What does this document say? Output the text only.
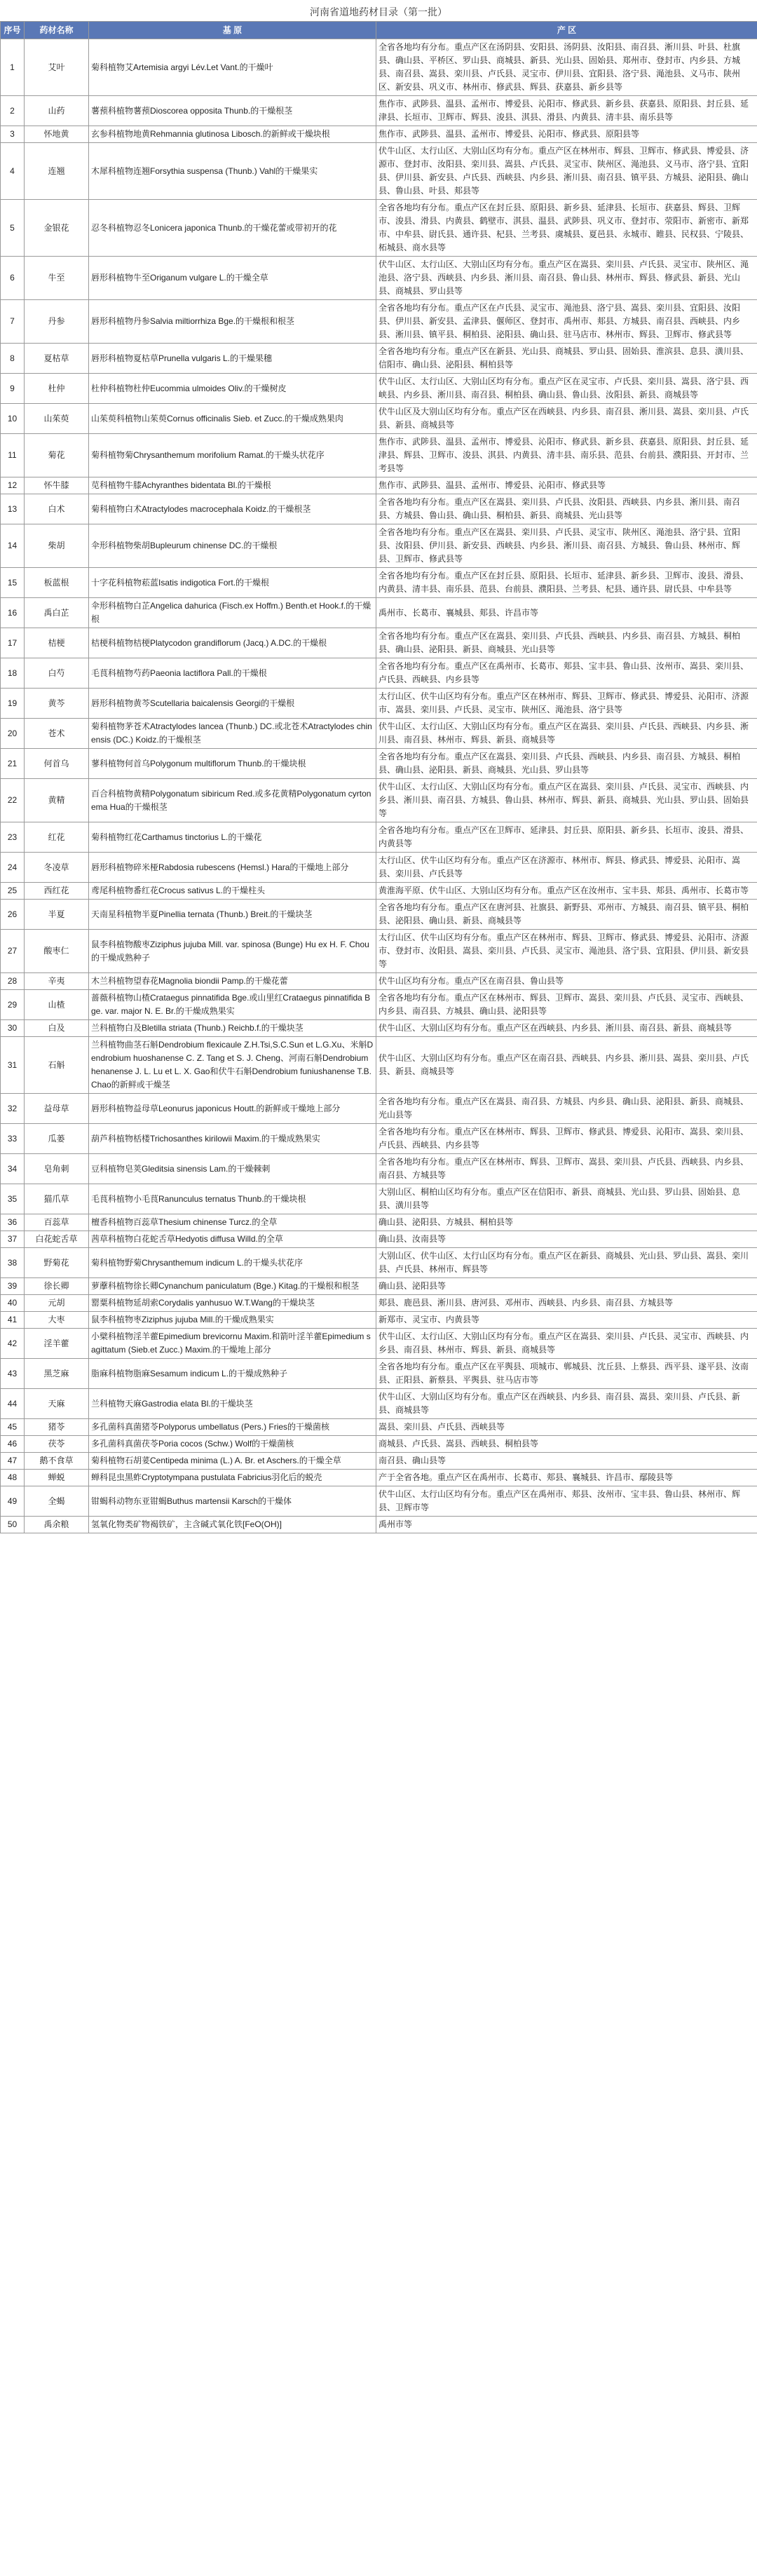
河南省道地药材目录（第一批）
序号	药材名称	基 原	产 区
1	艾叶	菊科植物艾Artemisia argyi Lév.Let Vant.的干燥叶	全省各地均有分布。重点产区在汤阴县、安阳县、汤阴县、汝阳县、南召县、淅川县、叶县、杜旗县、确山县、平桥区、罗山县、商城县、新县、光山县、固始县、郑州市、登封市、内乡县、方城县、南召县、嵩县、栾川县、卢氏县、灵宝市、伊川县、宜阳县、洛宁县、渑池县、义马市、陕州区、新安县、巩义市、林州市、修武县、辉县、获嘉县、新乡县等
2	山药	薯蓣科植物薯蓣Dioscorea opposita Thunb.的干燥根茎	焦作市、武陟县、温县、孟州市、博爱县、沁阳市、修武县、新乡县、获嘉县、原阳县、封丘县、延津县、长垣市、卫辉市、辉县、浚县、淇县、滑县、内黄县、清丰县、南乐县等
3	怀地黄	玄参科植物地黄Rehmannia glutinosa Libosch.的新鲜或干燥块根	焦作市、武陟县、温县、孟州市、博爱县、沁阳市、修武县、原阳县等
4	连翘	木犀科植物连翘Forsythia suspensa (Thunb.) Vahl的干燥果实	伏牛山区、太行山区、大别山区均有分布。重点产区在林州市、辉县、卫辉市、修武县、博爱县、济源市、登封市、汝阳县、栾川县、嵩县、卢氏县、灵宝市、陕州区、渑池县、义马市、洛宁县、宜阳县、伊川县、新安县、卢氏县、西峡县、内乡县、淅川县、南召县、镇平县、方城县、泌阳县、确山县、鲁山县、叶县、郏县等
5	金银花	忍冬科植物忍冬Lonicera japonica Thunb.的干燥花蕾或带初开的花	全省各地均有分布。重点产区在封丘县、原阳县、新乡县、延津县、长垣市、获嘉县、辉县、卫辉市、浚县、滑县、内黄县、鹤壁市、淇县、温县、武陟县、巩义市、登封市、荥阳市、新密市、新郑市、中牟县、尉氏县、通许县、杞县、兰考县、虞城县、夏邑县、永城市、睢县、民权县、宁陵县、柘城县、商水县等
6	牛至	唇形科植物牛至Origanum vulgare L.的干燥全草	伏牛山区、太行山区、大别山区均有分布。重点产区在嵩县、栾川县、卢氏县、灵宝市、陕州区、渑池县、洛宁县、西峡县、内乡县、淅川县、南召县、鲁山县、林州市、辉县、修武县、新县、光山县、商城县、罗山县等
7	丹参	唇形科植物丹参Salvia miltiorrhiza Bge.的干燥根和根茎	全省各地均有分布。重点产区在卢氏县、灵宝市、渑池县、洛宁县、嵩县、栾川县、宜阳县、汝阳县、伊川县、新安县、孟津县、偃师区、登封市、禹州市、郏县、方城县、南召县、西峡县、内乡县、淅川县、镇平县、桐柏县、泌阳县、确山县、驻马店市、林州市、辉县、卫辉市、修武县等
8	夏枯草	唇形科植物夏枯草Prunella vulgaris L.的干燥果穗	全省各地均有分布。重点产区在新县、光山县、商城县、罗山县、固始县、淮滨县、息县、潢川县、信阳市、确山县、泌阳县、桐柏县等
9	杜仲	杜仲科植物杜仲Eucommia ulmoides Oliv.的干燥树皮	伏牛山区、太行山区、大别山区均有分布。重点产区在灵宝市、卢氏县、栾川县、嵩县、洛宁县、西峡县、内乡县、淅川县、南召县、桐柏县、确山县、鲁山县、汝阳县、新县、商城县等
10	山茱萸	山茱萸科植物山茱萸Cornus officinalis Sieb. et Zucc.的干燥成熟果肉	伏牛山区及大别山区均有分布。重点产区在西峡县、内乡县、南召县、淅川县、嵩县、栾川县、卢氏县、新县、商城县等
11	菊花	菊科植物菊Chrysanthemum morifolium Ramat.的干燥头状花序	焦作市、武陟县、温县、孟州市、博爱县、沁阳市、修武县、新乡县、获嘉县、原阳县、封丘县、延津县、辉县、卫辉市、浚县、淇县、内黄县、清丰县、南乐县、范县、台前县、濮阳县、开封市、兰考县等
12	怀牛膝	苋科植物牛膝Achyranthes bidentata Bl.的干燥根	焦作市、武陟县、温县、孟州市、博爱县、沁阳市、修武县等
13	白术	菊科植物白术Atractylodes macrocephala Koidz.的干燥根茎	全省各地均有分布。重点产区在嵩县、栾川县、卢氏县、汝阳县、西峡县、内乡县、淅川县、南召县、方城县、鲁山县、确山县、桐柏县、新县、商城县、光山县等
14	柴胡	伞形科植物柴胡Bupleurum chinense DC.的干燥根	全省各地均有分布。重点产区在嵩县、栾川县、卢氏县、灵宝市、陕州区、渑池县、洛宁县、宜阳县、汝阳县、伊川县、新安县、西峡县、内乡县、淅川县、南召县、方城县、鲁山县、林州市、辉县、卫辉市、修武县等
15	板蓝根	十字花科植物菘蓝Isatis indigotica Fort.的干燥根	全省各地均有分布。重点产区在封丘县、原阳县、长垣市、延津县、新乡县、卫辉市、浚县、滑县、内黄县、清丰县、南乐县、范县、台前县、濮阳县、兰考县、杞县、通许县、尉氏县、中牟县等
16	禹白芷	伞形科植物白芷Angelica dahurica (Fisch.ex Hoffm.) Benth.et Hook.f.的干燥根	禹州市、长葛市、襄城县、郏县、许昌市等
17	桔梗	桔梗科植物桔梗Platycodon grandiflorum (Jacq.) A.DC.的干燥根	全省各地均有分布。重点产区在嵩县、栾川县、卢氏县、西峡县、内乡县、南召县、方城县、桐柏县、确山县、泌阳县、新县、商城县、光山县等
18	白芍	毛茛科植物芍药Paeonia lactiflora Pall.的干燥根	全省各地均有分布。重点产区在禹州市、长葛市、郏县、宝丰县、鲁山县、汝州市、嵩县、栾川县、卢氏县、西峡县、内乡县等
19	黄芩	唇形科植物黄芩Scutellaria baicalensis Georgi的干燥根	太行山区、伏牛山区均有分布。重点产区在林州市、辉县、卫辉市、修武县、博爱县、沁阳市、济源市、嵩县、栾川县、卢氏县、灵宝市、陕州区、渑池县、洛宁县等
20	苍术	菊科植物茅苍术Atractylodes lancea (Thunb.) DC.或北苍术Atractylodes chinensis (DC.) Koidz.的干燥根茎	伏牛山区、太行山区、大别山区均有分布。重点产区在嵩县、栾川县、卢氏县、西峡县、内乡县、淅川县、南召县、林州市、辉县、新县、商城县等
21	何首乌	蓼科植物何首乌Polygonum multiflorum Thunb.的干燥块根	全省各地均有分布。重点产区在嵩县、栾川县、卢氏县、西峡县、内乡县、南召县、方城县、桐柏县、确山县、泌阳县、新县、商城县、光山县、罗山县等
22	黄精	百合科植物黄精Polygonatum sibiricum Red.或多花黄精Polygonatum cyrtonema Hua的干燥根茎	伏牛山区、太行山区、大别山区均有分布。重点产区在嵩县、栾川县、卢氏县、灵宝市、西峡县、内乡县、淅川县、南召县、方城县、鲁山县、林州市、辉县、新县、商城县、光山县、罗山县、固始县等
23	红花	菊科植物红花Carthamus tinctorius L.的干燥花	全省各地均有分布。重点产区在卫辉市、延津县、封丘县、原阳县、新乡县、长垣市、浚县、滑县、内黄县等
24	冬凌草	唇形科植物碎米桠Rabdosia rubescens (Hemsl.) Hara的干燥地上部分	太行山区、伏牛山区均有分布。重点产区在济源市、林州市、辉县、修武县、博爱县、沁阳市、嵩县、栾川县、卢氏县等
25	西红花	鸢尾科植物番红花Crocus sativus L.的干燥柱头	黄淮海平原、伏牛山区、大别山区均有分布。重点产区在汝州市、宝丰县、郏县、禹州市、长葛市等
26	半夏	天南星科植物半夏Pinellia ternata (Thunb.) Breit.的干燥块茎	全省各地均有分布。重点产区在唐河县、社旗县、新野县、邓州市、方城县、南召县、镇平县、桐柏县、泌阳县、确山县、新县、商城县等
27	酸枣仁	鼠李科植物酸枣Ziziphus jujuba Mill. var. spinosa (Bunge) Hu ex H. F. Chou的干燥成熟种子	太行山区、伏牛山区均有分布。重点产区在林州市、辉县、卫辉市、修武县、博爱县、沁阳市、济源市、登封市、汝阳县、嵩县、栾川县、卢氏县、灵宝市、渑池县、洛宁县、宜阳县、伊川县、新安县等
28	辛夷	木兰科植物望春花Magnolia biondii Pamp.的干燥花蕾	伏牛山区均有分布。重点产区在南召县、鲁山县等
29	山楂	蔷薇科植物山楂Crataegus pinnatifida Bge.或山里红Crataegus pinnatifida Bge. var. major N. E. Br.的干燥成熟果实	全省各地均有分布。重点产区在林州市、辉县、卫辉市、嵩县、栾川县、卢氏县、灵宝市、西峡县、内乡县、南召县、方城县、确山县、泌阳县等
30	白及	兰科植物白及Bletilla striata (Thunb.) Reichb.f.的干燥块茎	伏牛山区、大别山区均有分布。重点产区在西峡县、内乡县、淅川县、南召县、新县、商城县等
31	石斛	兰科植物曲茎石斛Dendrobium flexicaule Z.H.Tsi,S.C.Sun et L.G.Xu、米斛Dendrobium huoshanense C. Z. Tang et S. J. Cheng、河南石斛Dendrobium henanense J. L. Lu et L. X. Gao和伏牛石斛Dendrobium funiushanense T.B.Chao的新鲜或干燥茎	伏牛山区、大别山区均有分布。重点产区在南召县、西峡县、内乡县、淅川县、嵩县、栾川县、卢氏县、新县、商城县等
32	益母草	唇形科植物益母草Leonurus japonicus Houtt.的新鲜或干燥地上部分	全省各地均有分布。重点产区在嵩县、南召县、方城县、内乡县、确山县、泌阳县、新县、商城县、光山县等
33	瓜蒌	葫芦科植物栝楼Trichosanthes kirilowii Maxim.的干燥成熟果实	全省各地均有分布。重点产区在林州市、辉县、卫辉市、修武县、博爱县、沁阳市、嵩县、栾川县、卢氏县、西峡县、内乡县等
34	皂角刺	豆科植物皂荚Gleditsia sinensis Lam.的干燥棘刺	全省各地均有分布。重点产区在林州市、辉县、卫辉市、嵩县、栾川县、卢氏县、西峡县、内乡县、南召县、方城县等
35	猫爪草	毛茛科植物小毛茛Ranunculus ternatus Thunb.的干燥块根	大别山区、桐柏山区均有分布。重点产区在信阳市、新县、商城县、光山县、罗山县、固始县、息县、潢川县等
36	百蕊草	檀香科植物百蕊草Thesium chinense Turcz.的全草	确山县、泌阳县、方城县、桐柏县等
37	白花蛇舌草	茜草科植物白花蛇舌草Hedyotis diffusa Willd.的全草	确山县、汝南县等
38	野菊花	菊科植物野菊Chrysanthemum indicum L.的干燥头状花序	大别山区、伏牛山区、太行山区均有分布。重点产区在新县、商城县、光山县、罗山县、嵩县、栾川县、卢氏县、林州市、辉县等
39	徐长卿	萝藦科植物徐长卿Cynanchum paniculatum (Bge.) Kitag.的干燥根和根茎	确山县、泌阳县等
40	元胡	罂粟科植物延胡索Corydalis yanhusuo W.T.Wang的干燥块茎	郏县、鹿邑县、淅川县、唐河县、邓州市、西峡县、内乡县、南召县、方城县等
41	大枣	鼠李科植物枣Ziziphus jujuba Mill.的干燥成熟果实	新郑市、灵宝市、内黄县等
42	淫羊藿	小檗科植物淫羊藿Epimedium brevicornu Maxim.和箭叶淫羊藿Epimedium sagittatum (Sieb.et Zucc.) Maxim.的干燥地上部分	伏牛山区、太行山区、大别山区均有分布。重点产区在嵩县、栾川县、卢氏县、灵宝市、西峡县、内乡县、南召县、林州市、辉县、新县、商城县等
43	黑芝麻	脂麻科植物脂麻Sesamum indicum L.的干燥成熟种子	全省各地均有分布。重点产区在平舆县、项城市、郸城县、沈丘县、上蔡县、西平县、遂平县、汝南县、正阳县、新蔡县、平舆县、驻马店市等
44	天麻	兰科植物天麻Gastrodia elata Bl.的干燥块茎	伏牛山区、大别山区均有分布。重点产区在西峡县、内乡县、南召县、嵩县、栾川县、卢氏县、新县、商城县等
45	猪苓	多孔菌科真菌猪苓Polyporus umbellatus (Pers.) Fries的干燥菌核	嵩县、栾川县、卢氏县、西峡县等
46	茯苓	多孔菌科真菌茯苓Poria cocos (Schw.) Wolf的干燥菌核	商城县、卢氏县、嵩县、西峡县、桐柏县等
47	鹅不食草	菊科植物石胡荽Centipeda minima (L.) A. Br. et Aschers.的干燥全草	南召县、确山县等
48	蝉蜕	蝉科昆虫黑蚱Cryptotympana pustulata Fabricius羽化后的蜕壳	产于全省各地。重点产区在禹州市、长葛市、郏县、襄城县、许昌市、鄢陵县等
49	全蝎	钳蝎科动物东亚钳蝎Buthus martensii Karsch的干燥体	伏牛山区、太行山区均有分布。重点产区在禹州市、郏县、汝州市、宝丰县、鲁山县、林州市、辉县、卫辉市等
50	禹余粮	氢氧化物类矿物褐铁矿，主含碱式氧化铁[FeO(OH)]	禹州市等
